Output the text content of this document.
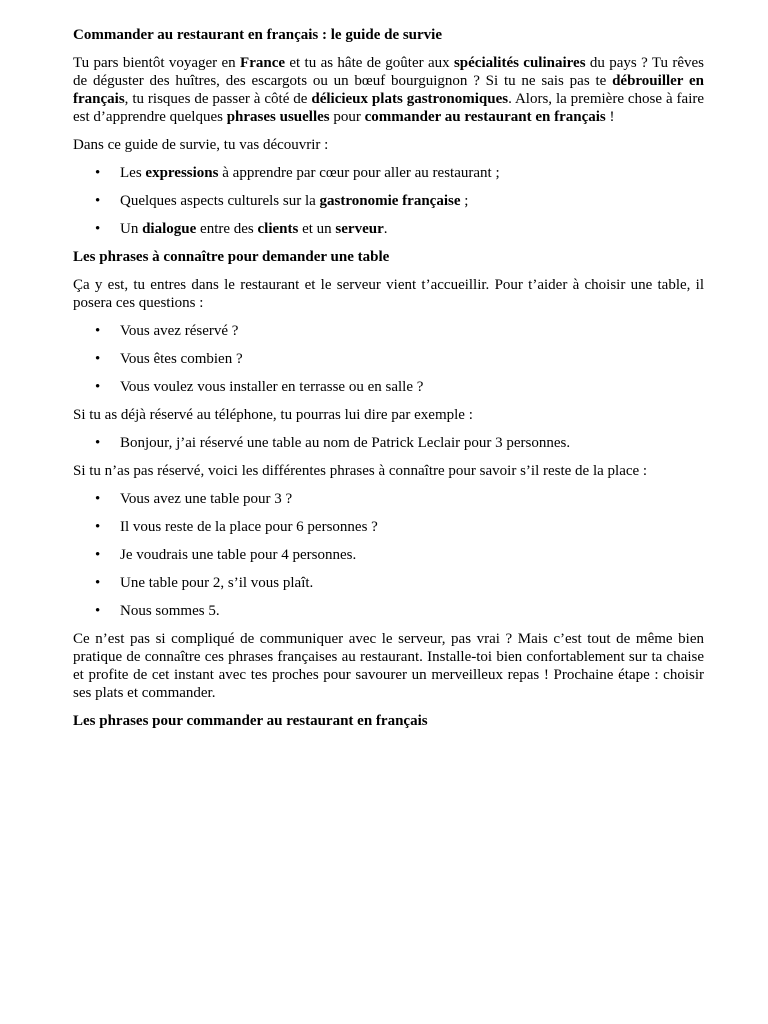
Commander au restaurant en français : le guide de survie

Tu pars bientôt voyager en France et tu as hâte de goûter aux spécialités culinaires du pays ? Tu rêves de déguster des huîtres, des escargots ou un bœuf bourguignon ? Si tu ne sais pas te débrouiller en français, tu risques de passer à côté de délicieux plats gastronomiques. Alors, la première chose à faire est d’apprendre quelques phrases usuelles pour commander au restaurant en français !

Dans ce guide de survie, tu vas découvrir :

• Les expressions à apprendre par cœur pour aller au restaurant ;
• Quelques aspects culturels sur la gastronomie française ;
• Un dialogue entre des clients et un serveur.

Les phrases à connaître pour demander une table

Ça y est, tu entres dans le restaurant et le serveur vient t’accueillir. Pour t’aider à choisir une table, il posera ces questions :

• Vous avez réservé ?
• Vous êtes combien ?
• Vous voulez vous installer en terrasse ou en salle ?

Si tu as déjà réservé au téléphone, tu pourras lui dire par exemple :

• Bonjour, j’ai réservé une table au nom de Patrick Leclair pour 3 personnes.

Si tu n’as pas réservé, voici les différentes phrases à connaître pour savoir s’il reste de la place :

• Vous avez une table pour 3 ?
• Il vous reste de la place pour 6 personnes ?
• Je voudrais une table pour 4 personnes.
• Une table pour 2, s’il vous plaît.
• Nous sommes 5.

Ce n’est pas si compliqué de communiquer avec le serveur, pas vrai ? Mais c’est tout de même bien pratique de connaître ces phrases françaises au restaurant. Installe-toi bien confortablement sur ta chaise et profite de cet instant avec tes proches pour savourer un merveilleux repas ! Prochaine étape : choisir ses plats et commander.

Les phrases pour commander au restaurant en français
